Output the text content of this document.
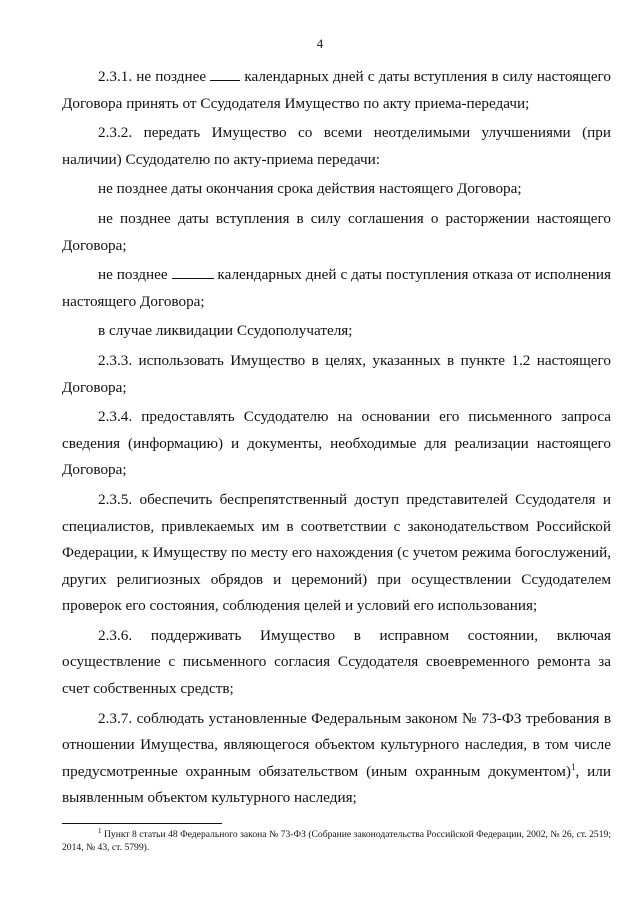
4

2.3.1. не позднее	календарных дней с даты вступления в силу настоящего Договора принять от Ссудодателя Имущество по акту приема-передачи;

2.3.2. передать Имущество со всеми неотделимыми улучшениями (при наличии) Ссудодателю по акту-приема передачи:

не позднее даты окончания срока действия настоящего Договора;

не позднее даты вступления в силу соглашения о расторжении настоящего Договора;

не позднее	календарных дней с даты поступления отказа от исполнения настоящего Договора;

в случае ликвидации Ссудополучателя;

2.3.3. использовать Имущество в целях, указанных в пункте 1.2 настоящего Договора;

2.3.4. предоставлять Ссудодателю на основании его письменного запроса сведения (информацию) и документы, необходимые для реализации настоящего Договора;

2.3.5. обеспечить беспрепятственный доступ представителей Ссудодателя и специалистов, привлекаемых им в соответствии с законодательством Российской Федерации, к Имуществу по месту его нахождения (с учетом режима богослужений, других религиозных обрядов и церемоний) при осуществлении Ссудодателем проверок его состояния, соблюдения целей и условий его использования;

2.3.6. поддерживать Имущество в исправном состоянии, включая осуществление с письменного согласия Ссудодателя своевременного ремонта за счет собственных средств;

2.3.7. соблюдать установленные Федеральным законом № 73-ФЗ требования в отношении Имущества, являющегося объектом культурного наследия, в том числе предусмотренные охранным обязательством (иным охранным документом)$^1$, или выявленным объектом культурного наследия;

$^1$ Пункт 8 статьи 48 Федерального закона № 73-ФЗ (Собрание законодательства Российской Федерации, 2002, № 26, ст. 2519; 2014, № 43, ст. 5799).
